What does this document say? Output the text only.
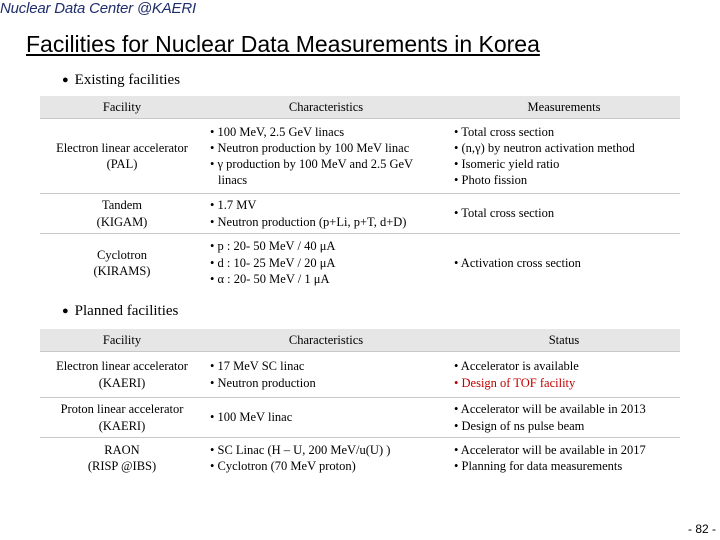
Nuclear Data Center @KAERI
Facilities for Nuclear Data Measurements in Korea
● Existing facilities
Facility	Characteristics	Measurements

Electron linear accelerator
(PAL)	• 100 MeV, 2.5 GeV linacs
• Neutron production by 100 MeV linac
• γ production by 100 MeV and 2.5 GeV linacs	• Total cross section
• (n,γ) by neutron activation method
• Isomeric yield ratio
• Photo fission

Tandem
(KIGAM)	• 1.7 MV
• Neutron production (p+Li, p+T, d+D)	• Total cross section

Cyclotron
(KIRAMS)	• p : 20- 50 MeV / 40 μA
• d : 10- 25 MeV / 20 μA
• α : 20- 50 MeV / 1 μA	• Activation cross section
● Planned facilities
Facility	Characteristics	Status

Electron linear accelerator
(KAERI)	• 17 MeV SC linac
• Neutron production	• Accelerator is available
• Design of TOF facility

Proton linear accelerator
(KAERI)	• 100 MeV linac	• Accelerator will be available in 2013
• Design of ns pulse beam

RAON
(RISP @IBS)	• SC Linac (H – U, 200 MeV/u(U) )
• Cyclotron (70 MeV proton)	• Accelerator will be available in 2017
• Planning for data measurements
- 82 -
